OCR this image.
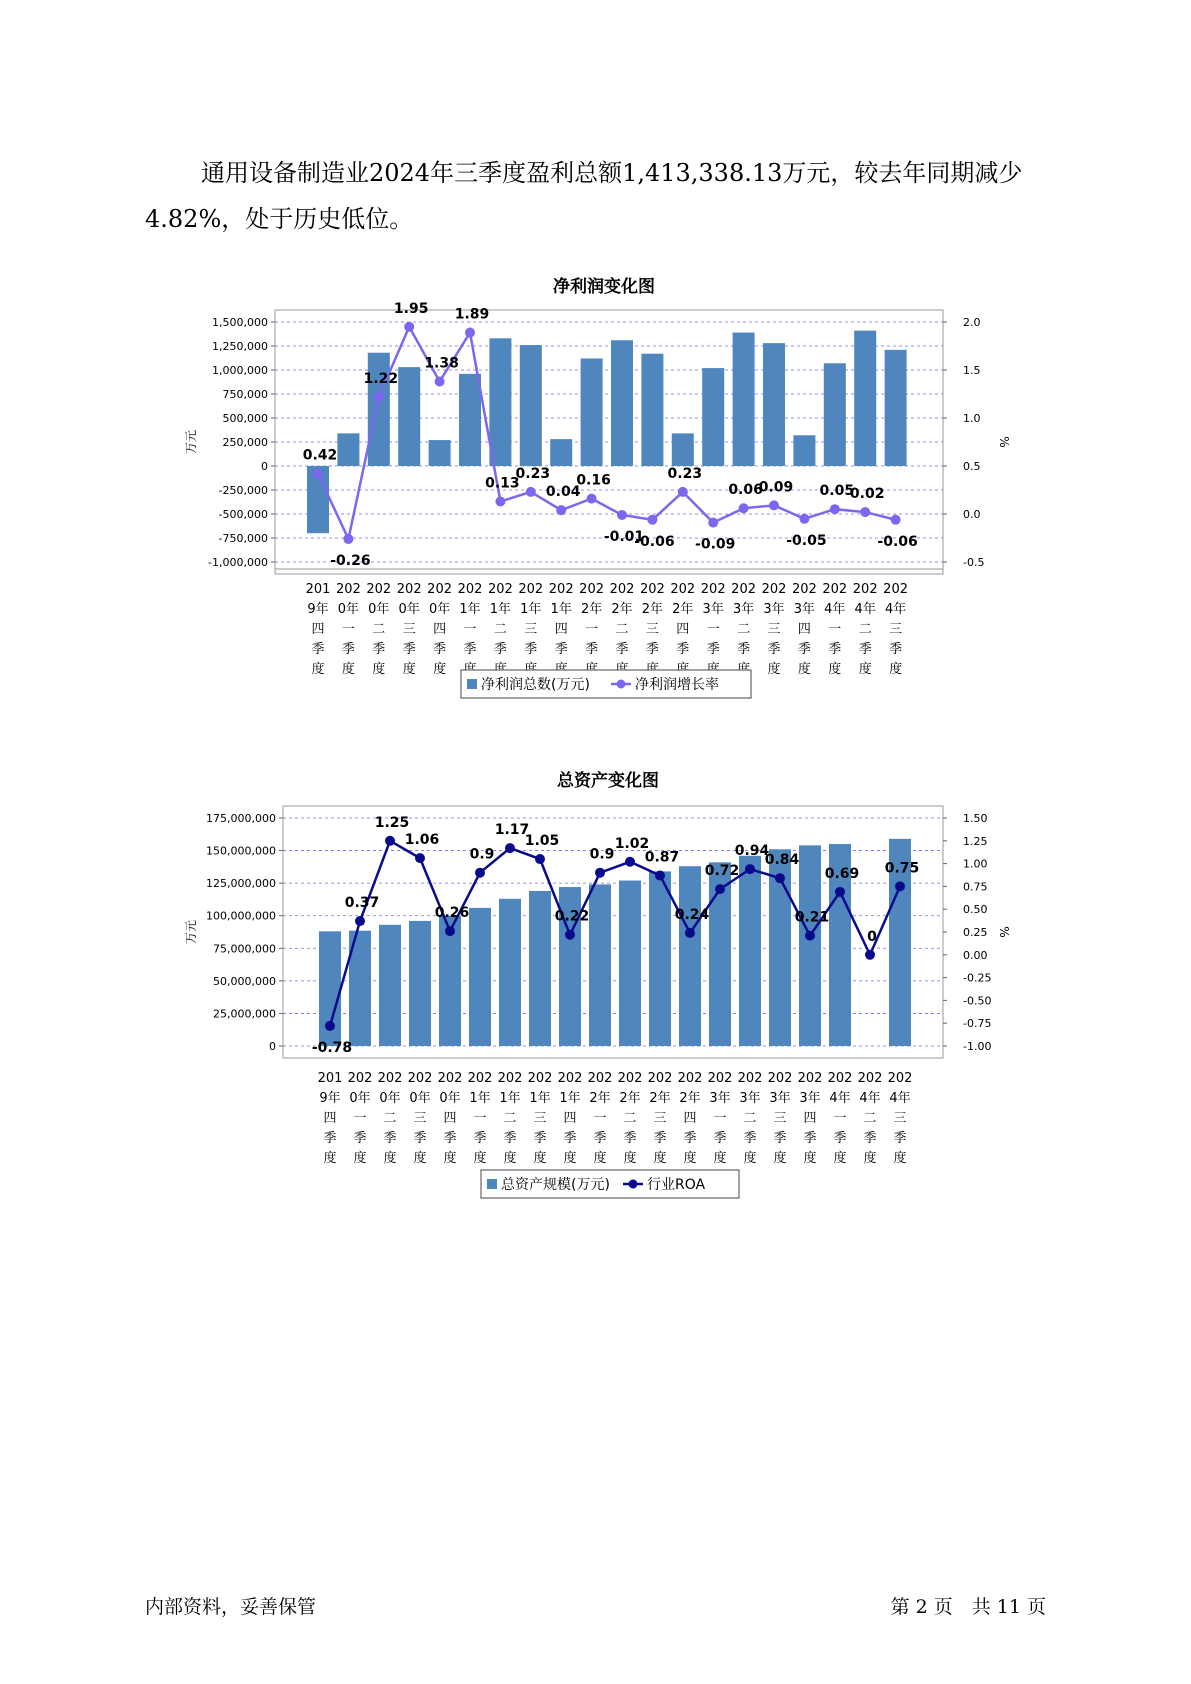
通用设备制造业2024年三季度盈利总额1,413,338.13万元，较去年同期减少4.82%，处于历史低位。

净利润变化图
1,500,000
1,250,000
1,000,000
750,000
500,000
250,000
0
-250,000
-500,000
-750,000
-1,000,000
2.0
1.5
1.0
0.5
0.0
-0.5
万元	%
0.42
-0.26
1.22
1.95
1.38
1.89
0.13
0.23
0.04
0.16
-0.01
-0.06
0.23
-0.09
0.06
0.09
-0.05
0.05
0.02
-0.06
201
9年
四
季
度
202
0年
一
季
度
202
0年
二
季
度
202
0年
三
季
度
202
0年
四
季
度
202
1年
一
季
202
1年
二
季
202
1年
三
季
202
1年
四
季
202
2年
一
季
202
2年
二
季
202
2年
三
季
202
2年
四
季
202
3年
一
季
202
3年
二
季
202
3年
三
季
度
202
3年
四
季
度
202
4年
一
季
度
202
4年
二
季
度
202
4年
三
季
度
净利润总数(万元)	净利润增长率
总资产变化图
175,000,000
150,000,000
125,000,000
100,000,000
75,000,000
50,000,000
25,000,000
0
1.50
1.25
1.00
0.75
0.50
0.25
0.00
-0.25
-0.50
-0.75
-1.00
万元	%
-0.78
0.37
1.25
1.06
0.26
0.9
1.17
1.05
0.22
0.9
1.02
0.87
0.24
0.72
0.94
0.84
0.21
0.69
0
0.75
201
9年
四
季
度
202
0年
一
季
度
202
0年
二
季
度
202
0年
三
季
度
202
0年
四
季
度
202
1年
一
季
度
202
1年
二
季
度
202
1年
三
季
度
202
1年
四
季
度
202
2年
一
季
度
202
2年
二
季
度
202
2年
三
季
度
202
2年
四
季
度
202
3年
一
季
度
202
3年
二
季
度
202
3年
三
季
度
202
3年
四
季
度
202
4年
一
季
度
202
4年
二
季
度
202
4年
三
季
度
总资产规模(万元)	行业ROA
内部资料，妥善保管	第 2 页　共 11 页
